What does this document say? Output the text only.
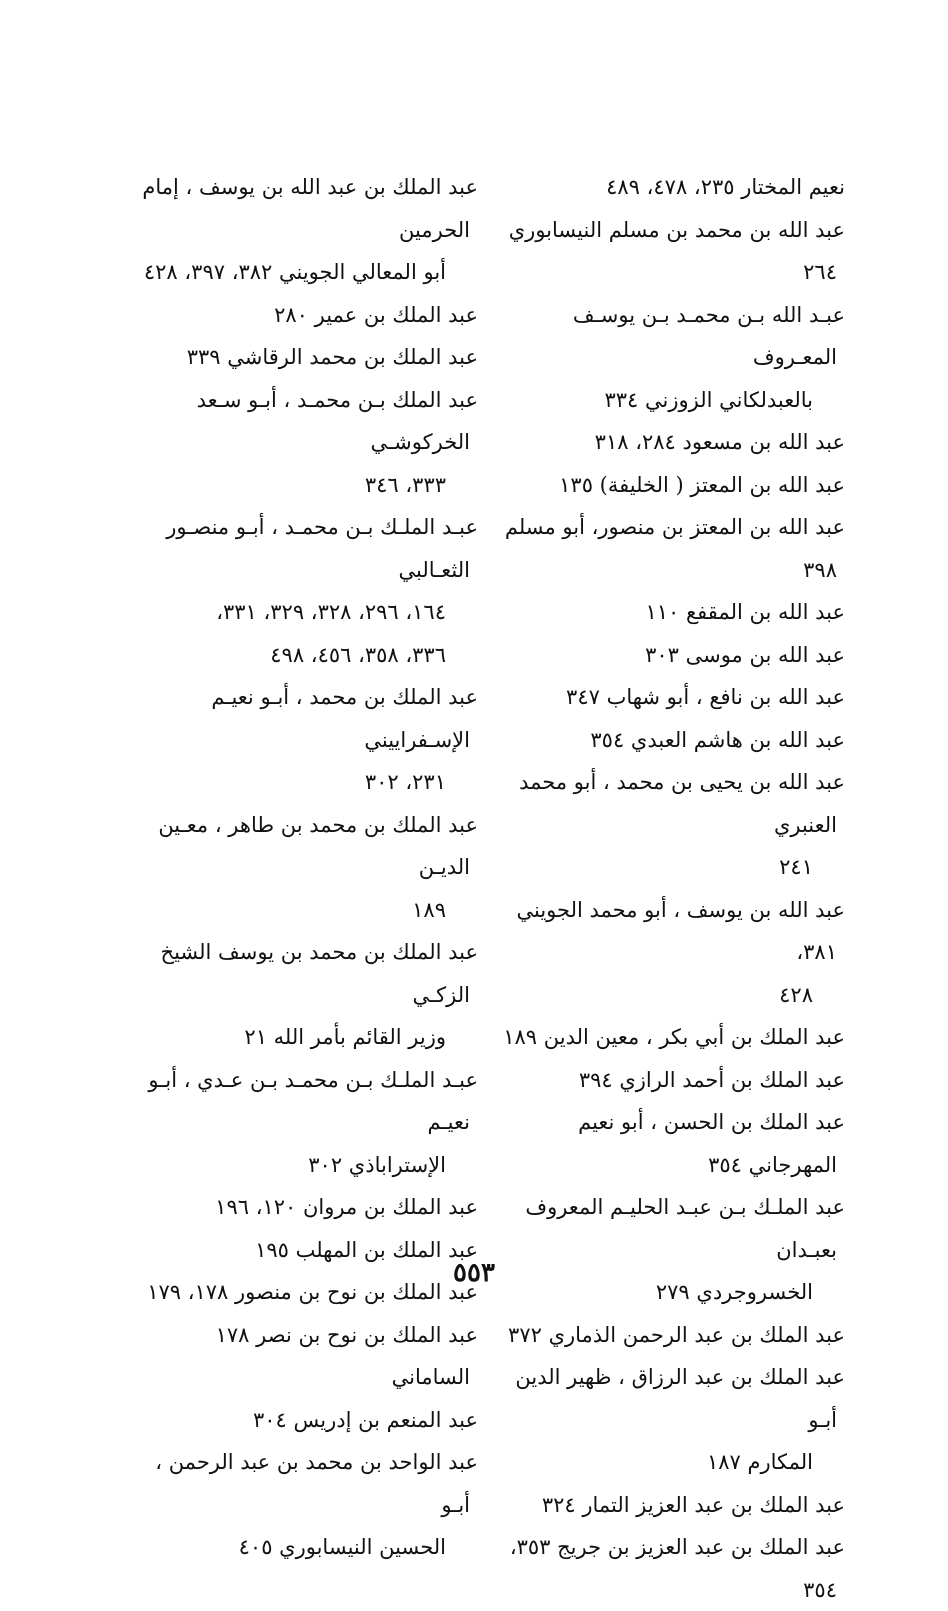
نعيم المختار ٢٣٥، ٤٧٨، ٤٨٩
عبد الله بن محمد بن مسلم النيسابوري ٢٦٤
عبـد الله بـن محمـد بـن يوسـف المعـروف
بالعبدلكاني الزوزني ٣٣٤
عبد الله بن مسعود ٢٨٤، ٣١٨
عبد الله بن المعتز ( الخليفة) ١٣٥
عبد الله بن المعتز بن منصور، أبو مسلم ٣٩٨
عبد الله بن المقفع ١١٠
عبد الله بن موسى ٣٠٣
عبد الله بن نافع ، أبو شهاب ٣٤٧
عبد الله بن هاشم العبدي ٣٥٤
عبد الله بن يحيى بن محمد ، أبو محمد العنبري
٢٤١
عبد الله بن يوسف ، أبو محمد الجويني ٣٨١،
٤٢٨
عبد الملك بن أبي بكر ، معين الدين ١٨٩
عبد الملك بن أحمد الرازي ٣٩٤
عبد الملك بن الحسن ، أبو نعيم المهرجاني ٣٥٤
عبد الملـك بـن عبـد الحليـم المعروف بعبـدان
الخسروجردي ٢٧٩
عبد الملك بن عبد الرحمن الذماري ٣٧٢
عبد الملك بن عبد الرزاق ، ظهير الدين أبـو
المكارم ١٨٧
عبد الملك بن عبد العزيز التمار ٣٢٤
عبد الملك بن عبد العزيز بن جريج ٣٥٣، ٣٥٤
عبد الملك بن عبد الله بن يوسف ، إمام الحرمين
أبو المعالي الجويني ٣٨٢، ٣٩٧، ٤٢٨
عبد الملك بن عمير ٢٨٠
عبد الملك بن محمد الرقاشي ٣٣٩
عبد الملك بـن محمـد ، أبـو سـعد الخركوشـي
٣٣٣، ٣٤٦
عبـد الملـك بـن محمـد ، أبـو منصـور الثعـالبي
١٦٤، ٢٩٦، ٣٢٨، ٣٢٩، ٣٣١،
٣٣٦، ٣٥٨، ٤٥٦، ٤٩٨
عبد الملك بن محمد ، أبـو نعيـم الإسـفراييني
٢٣١، ٣٠٢
عبد الملك بن محمد بن طاهر ، معـين الديـن
١٨٩
عبد الملك بن محمد بن يوسف الشيخ الزكـي
وزير القائم بأمر الله ٢١
عبـد الملـك بـن محمـد بـن عـدي ، أبـو نعيـم
الإستراباذي ٣٠٢
عبد الملك بن مروان ١٢٠، ١٩٦
عبد الملك بن المهلب ١٩٥
عبد الملك بن نوح بن منصور ١٧٨، ١٧٩
عبد الملك بن نوح بن نصر ١٧٨ الساماني
عبد المنعم بن إدريس ٣٠٤
عبد الواحد بن محمد بن عبد الرحمن ، أبـو
الحسين النيسابوري ٤٠٥
٥٥٣
